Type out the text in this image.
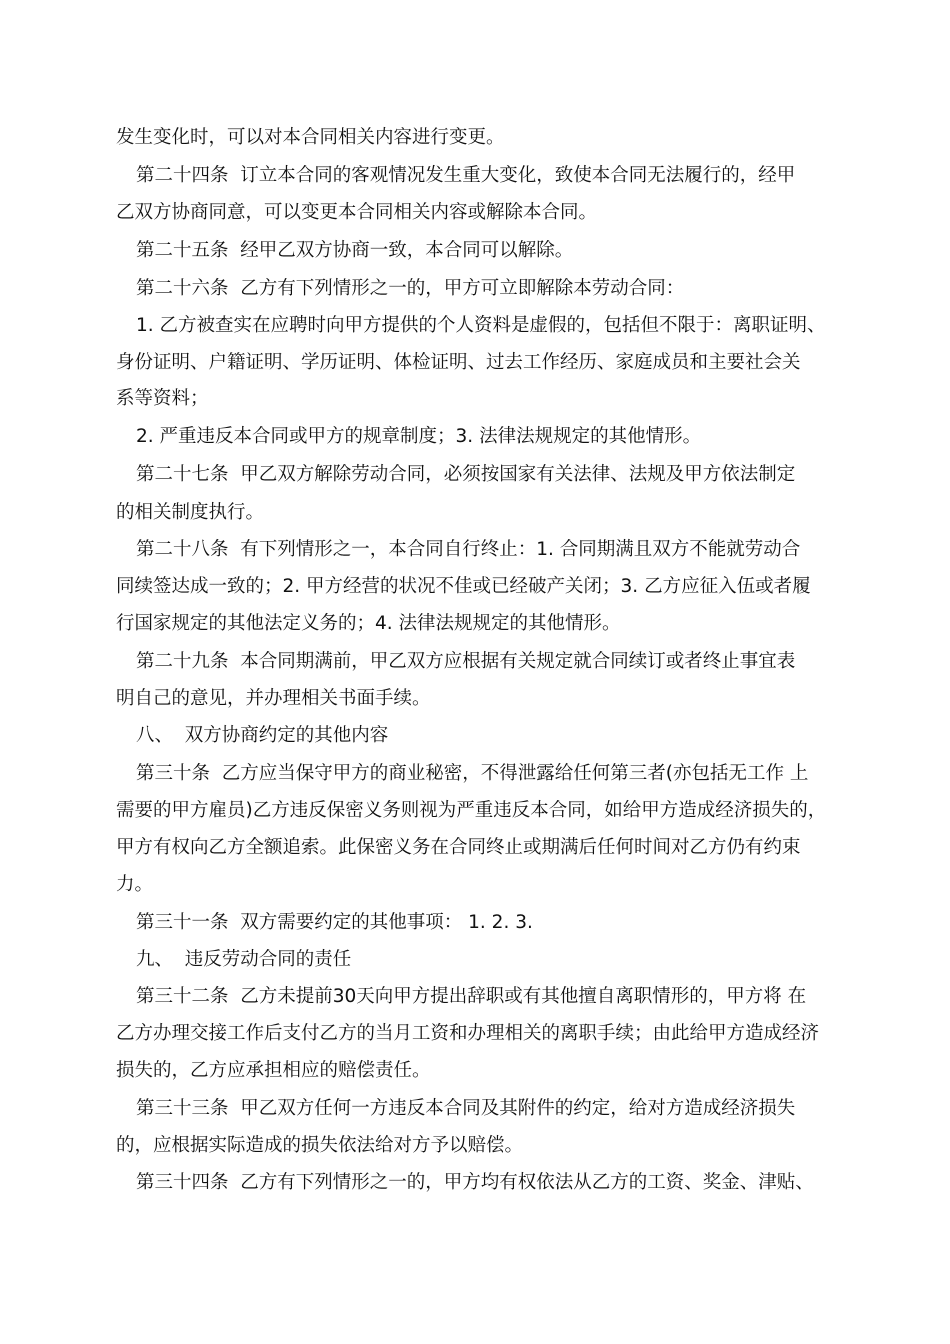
发生变化时，可以对本合同相关内容进行变更。
第二十四条  订立本合同的客观情况发生重大变化，致使本合同无法履行的，经甲
乙双方协商同意，可以变更本合同相关内容或解除本合同。
第二十五条  经甲乙双方协商一致，本合同可以解除。
第二十六条  乙方有下列情形之一的，甲方可立即解除本劳动合同：
1. 乙方被查实在应聘时向甲方提供的个人资料是虚假的，包括但不限于：离职证明、
身份证明、户籍证明、学历证明、体检证明、过去工作经历、家庭成员和主要社会关
系等资料；
2. 严重违反本合同或甲方的规章制度；3. 法律法规规定的其他情形。
第二十七条  甲乙双方解除劳动合同，必须按国家有关法律、法规及甲方依法制定
的相关制度执行。
第二十八条  有下列情形之一，本合同自行终止：1. 合同期满且双方不能就劳动合
同续签达成一致的；2. 甲方经营的状况不佳或已经破产关闭；3. 乙方应征入伍或者履
行国家规定的其他法定义务的；4. 法律法规规定的其他情形。
第二十九条  本合同期满前，甲乙双方应根据有关规定就合同续订或者终止事宜表
明自己的意见，并办理相关书面手续。
八、  双方协商约定的其他内容
第三十条  乙方应当保守甲方的商业秘密，不得泄露给任何第三者(亦包括无工作 上
需要的甲方雇员)乙方违反保密义务则视为严重违反本合同，如给甲方造成经济损失的，
甲方有权向乙方全额追索。此保密义务在合同终止或期满后任何时间对乙方仍有约束
力。
第三十一条  双方需要约定的其他事项： 1. 2. 3.
九、  违反劳动合同的责任
第三十二条  乙方未提前30天向甲方提出辞职或有其他擅自离职情形的，甲方将 在
乙方办理交接工作后支付乙方的当月工资和办理相关的离职手续；由此给甲方造成经济
损失的，乙方应承担相应的赔偿责任。
第三十三条  甲乙双方任何一方违反本合同及其附件的约定，给对方造成经济损失
的，应根据实际造成的损失依法给对方予以赔偿。
第三十四条  乙方有下列情形之一的，甲方均有权依法从乙方的工资、奖金、津贴、
